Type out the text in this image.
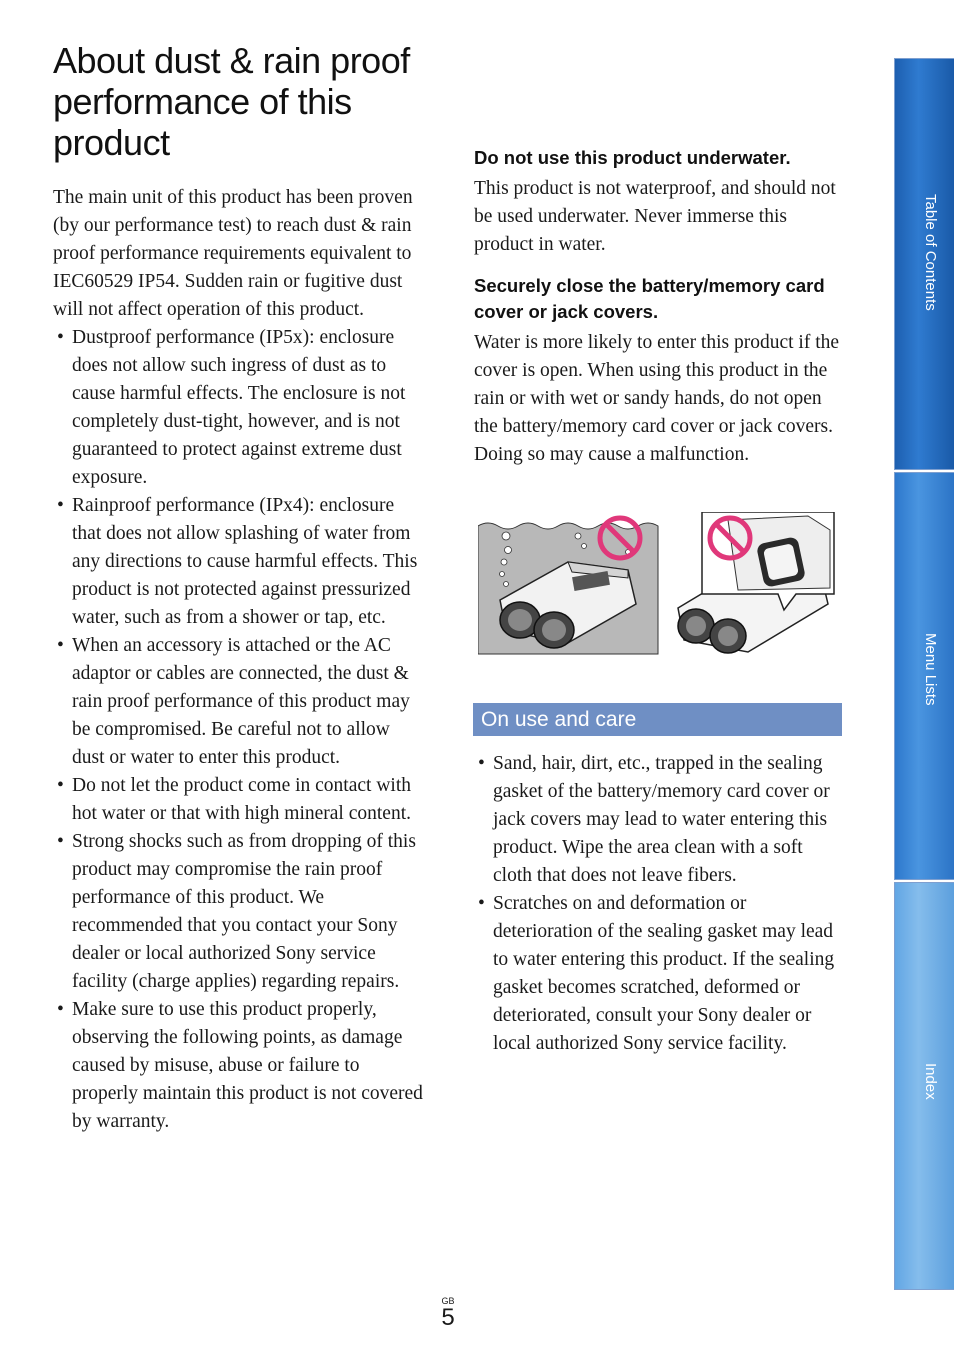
About dust & rain proof performance of this product

The main unit of this product has been proven (by our performance test) to reach dust & rain proof performance requirements equivalent to IEC60529 IP54. Sudden rain or fugitive dust will not affect operation of this product.

• Dustproof performance (IP5x): enclosure does not allow such ingress of dust as to cause harmful effects. The enclosure is not completely dust-tight, however, and is not guaranteed to protect against extreme dust exposure.
• Rainproof performance (IPx4): enclosure that does not allow splashing of water from any directions to cause harmful effects. This product is not protected against pressurized water, such as from a shower or tap, etc.
• When an accessory is attached or the AC adaptor or cables are connected, the dust & rain proof performance of this product may be compromised. Be careful not to allow dust or water to enter this product.
• Do not let the product come in contact with hot water or that with high mineral content.
• Strong shocks such as from dropping of this product may compromise the rain proof performance of this product. We recommended that you contact your Sony dealer or local authorized Sony service facility (charge applies) regarding repairs.
• Make sure to use this product properly, observing the following points, as damage caused by misuse, abuse or failure to properly maintain this product is not covered by warranty.
Do not use this product underwater.

This product is not waterproof, and should not be used underwater. Never immerse this product in water.

Securely close the battery/memory card cover or jack covers.

Water is more likely to enter this product if the cover is open. When using this product in the rain or with wet or sandy hands, do not open the battery/memory card cover or jack covers. Doing so may cause a malfunction.

On use and care
• Sand, hair, dirt, etc., trapped in the sealing gasket of the battery/memory card cover or jack covers may lead to water entering this product. Wipe the area clean with a soft cloth that does not leave fibers.
• Scratches on and deformation or deterioration of the sealing gasket may lead to water entering this product. If the sealing gasket becomes scratched, deformed or deteriorated, consult your Sony dealer or local authorized Sony service facility.
Table of Contents
Menu Lists
Index
GB
5
